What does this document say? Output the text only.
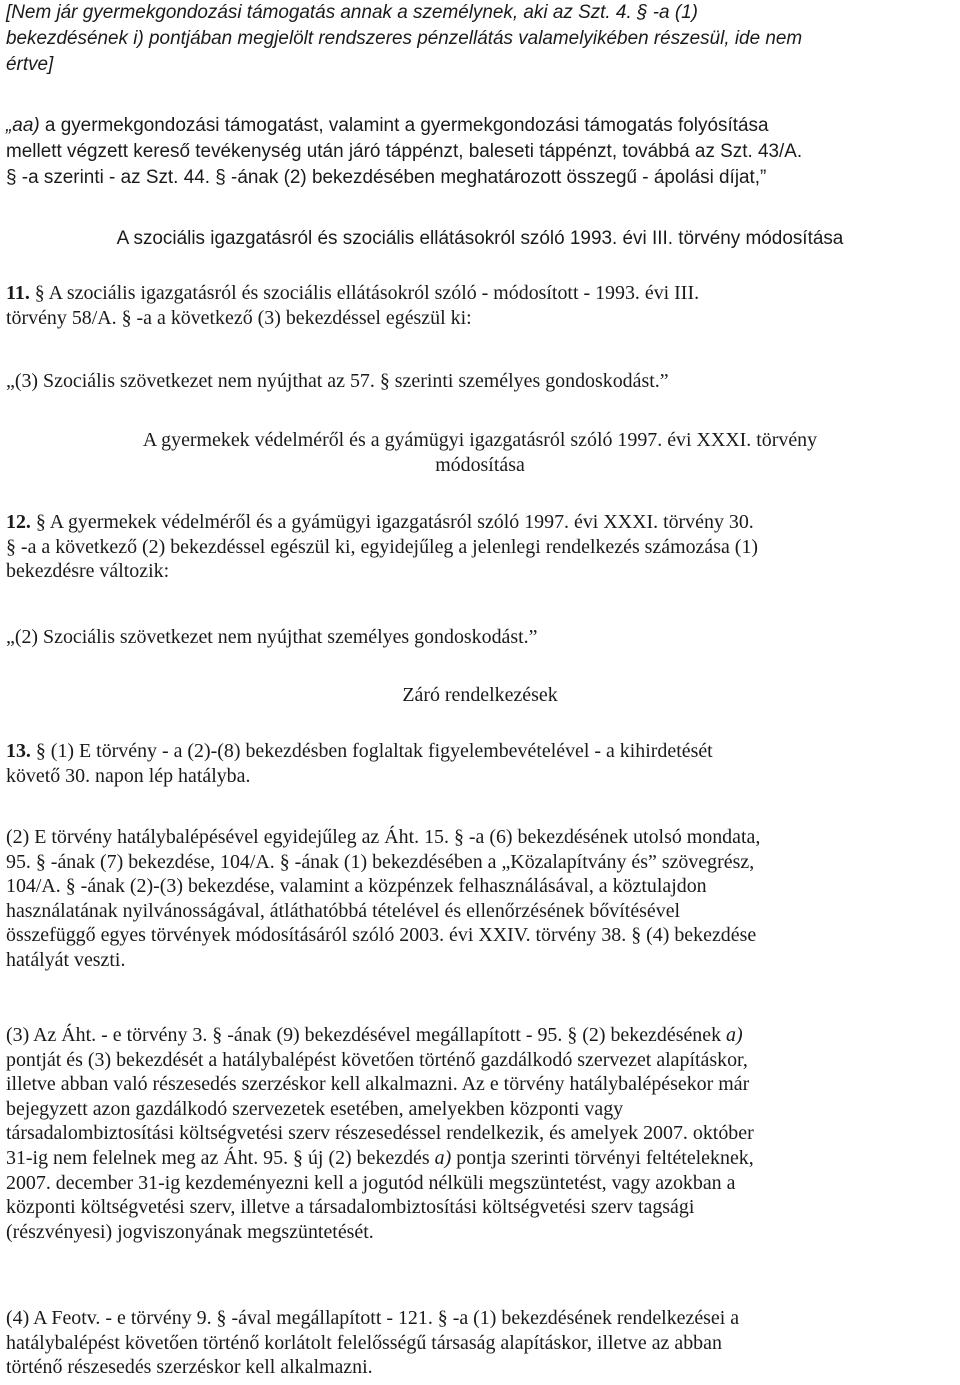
[Nem jár gyermekgondozási támogatás annak a személynek, aki az Szt. 4. § -a (1)
bekezdésének i) pontjában megjelölt rendszeres pénzellátás valamelyikében részesül, ide nem
értve]
„aa) a gyermekgondozási támogatást, valamint a gyermekgondozási támogatás folyósítása
mellett végzett kereső tevékenység után járó táppénzt, baleseti táppénzt, továbbá az Szt. 43/A.
§ -a szerinti - az Szt. 44. § -ának (2) bekezdésében meghatározott összegű - ápolási díjat,”
A szociális igazgatásról és szociális ellátásokról szóló 1993. évi III. törvény módosítása
11. § A szociális igazgatásról és szociális ellátásokról szóló - módosított - 1993. évi III.
törvény 58/A. § -a a következő (3) bekezdéssel egészül ki:
„(3) Szociális szövetkezet nem nyújthat az 57. § szerinti személyes gondoskodást.”
A gyermekek védelméről és a gyámügyi igazgatásról szóló 1997. évi XXXI. törvény
módosítása
12. § A gyermekek védelméről és a gyámügyi igazgatásról szóló 1997. évi XXXI. törvény 30.
§ -a a következő (2) bekezdéssel egészül ki, egyidejűleg a jelenlegi rendelkezés számozása (1)
bekezdésre változik:
„(2) Szociális szövetkezet nem nyújthat személyes gondoskodást.”
Záró rendelkezések
13. § (1) E törvény - a (2)-(8) bekezdésben foglaltak figyelembevételével - a kihirdetését
követő 30. napon lép hatályba.
(2) E törvény hatálybalépésével egyidejűleg az Áht. 15. § -a (6) bekezdésének utolsó mondata,
95. § -ának (7) bekezdése, 104/A. § -ának (1) bekezdésében a „Közalapítvány és” szövegrész,
104/A. § -ának (2)-(3) bekezdése, valamint a közpénzek felhasználásával, a köztulajdon
használatának nyilvánosságával, átláthatóbbá tételével és ellenőrzésének bővítésével
összefüggő egyes törvények módosításáról szóló 2003. évi XXIV. törvény 38. § (4) bekezdése
hatályát veszti.
(3) Az Áht. - e törvény 3. § -ának (9) bekezdésével megállapított - 95. § (2) bekezdésének a)
pontját és (3) bekezdését a hatálybalépést követően történő gazdálkodó szervezet alapításkor,
illetve abban való részesedés szerzéskor kell alkalmazni. Az e törvény hatálybalépésekor már
bejegyzett azon gazdálkodó szervezetek esetében, amelyekben központi vagy
társadalombiztosítási költségvetési szerv részesedéssel rendelkezik, és amelyek 2007. október
31-ig nem felelnek meg az Áht. 95. § új (2) bekezdés a) pontja szerinti törvényi feltételeknek,
2007. december 31-ig kezdeményezni kell a jogutód nélküli megszüntetést, vagy azokban a
központi költségvetési szerv, illetve a társadalombiztosítási költségvetési szerv tagsági
(részvényesi) jogviszonyának megszüntetését.
(4) A Feotv. - e törvény 9. § -ával megállapított - 121. § -a (1) bekezdésének rendelkezései a
hatálybalépést követően történő korlátolt felelősségű társaság alapításkor, illetve az abban
történő részesedés szerzéskor kell alkalmazni.
